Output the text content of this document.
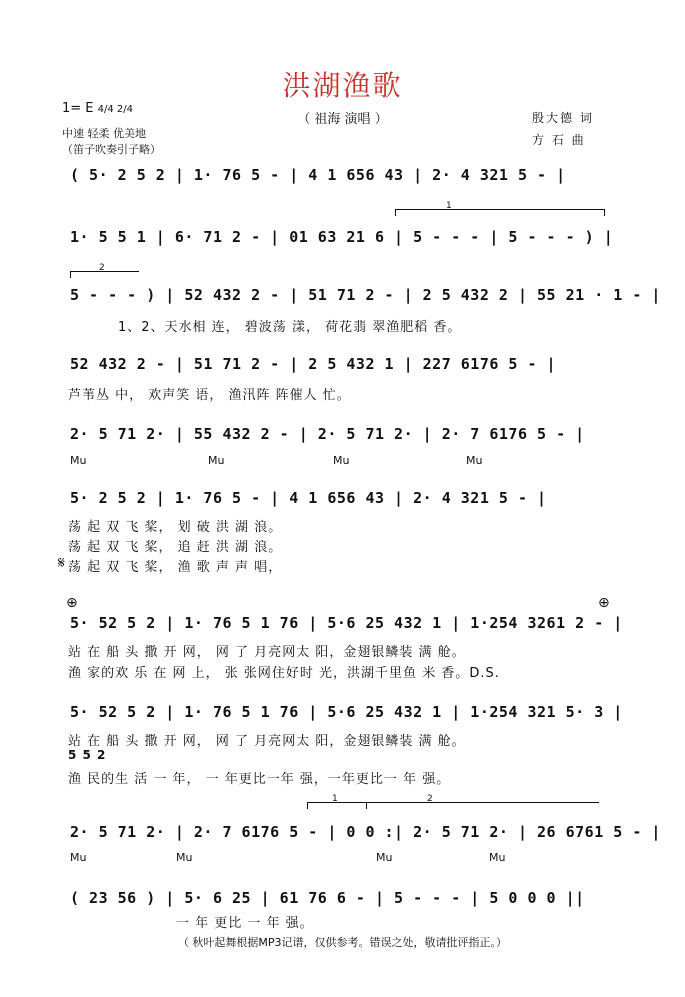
洪湖渔歌
（ 祖海 演唱 ）
1= E 4/4 2/4
中速 轻柔 优美地
（笛子吹奏引子略）
殷大德 词
方 石 曲
( 5· 2 5 2 | 1· 76 5 - | 4 1 656 43 | 2· 4 321 5 - |
1
1· 5 5 1 | 6· 71 2 - | 01 63 21 6 | 5 - - - | 5 - - - ) |
2
5 - - - ) | 52 432 2 - | 51 71 2 - | 2 5 432 2 | 55 21 · 1 - |
1、2、天水相 连， 碧波荡 漾， 荷花翡 翠渔肥稻 香。
52 432 2 - | 51 71 2 - | 2 5 432 1 | 227 6176 5 - |
芦苇丛 中， 欢声笑 语， 渔汛阵 阵催人 忙。
2· 5 71 2· | 55 432 2 - | 2· 5 71 2· | 2· 7 6176 5 - |
Mu	Mu	Mu	Mu
5· 2 5 2 | 1· 76 5 - | 4 1 656 43 | 2· 4 321 5 - |
荡 起 双 飞 桨， 划 破 洪 湖 浪。
荡 起 双 飞 桨， 追 赶 洪 湖 浪。
荡 起 双 飞 桨， 渔 歌 声 声 唱，
𝄋
⊕	⊕
5· 52 5 2 | 1· 76 5 1 76 | 5·6 25 432 1 | 1·254 3261 2 - |
站 在 船 头 撒 开 网， 网 了 月亮网太 阳，金翅银鳞装 满 舱。
渔 家的欢 乐 在 网 上， 张 张网住好时 光，洪湖千里鱼 米 香。D.S.
5· 52 5 2 | 1· 76 5 1 76 | 5·6 25 432 1 | 1·254 321 5· 3 |
站 在 船 头 撒 开 网， 网 了 月亮网太 阳，金翅银鳞装 满 舱。
5 5 2
渔 民的生 活 一 年， 一 年更比一年 强，一年更比一 年 强。
1	2
2· 5 71 2· | 2· 7 6176 5 - | 0 0 :| 2· 5 71 2· | 26 6761 5 - |
Mu	Mu	Mu	Mu
( 23 56 ) | 5· 6 25 | 61 76 6 - | 5 - - - | 5 0 0 0 ||
一 年 更比 一 年 强。
（ 秋叶起舞根据MP3记谱，仅供参考。错误之处，敬请批评指正。）
